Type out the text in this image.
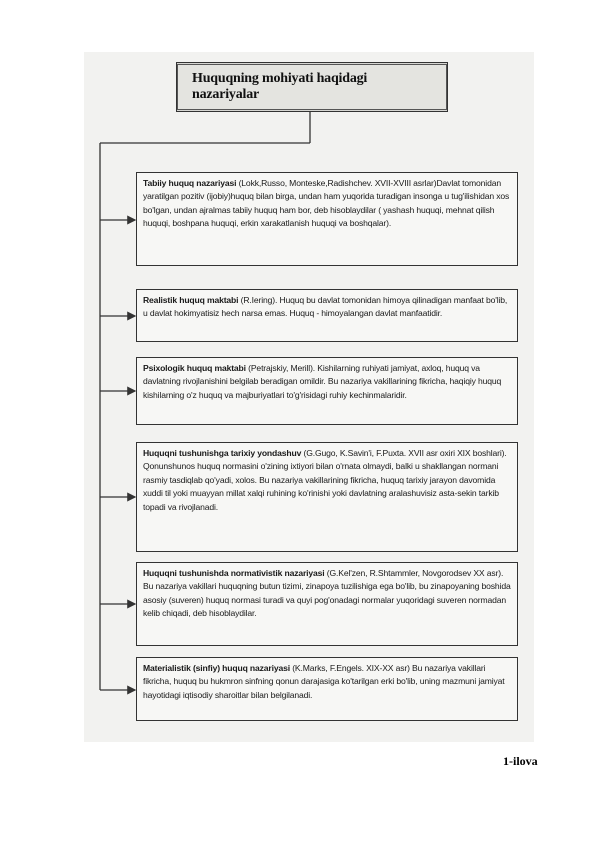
Huquqning mohiyati haqidagi nazariyalar
Tabiiy huquq nazariyasi (Lokk,Russo, Monteske,Radishchev. XVII-XVIII asrlar)Davlat tomonidan yaratilgan pozitiv (ijobiy)huquq bilan birga, undan ham yuqorida turadigan insonga u tug'ilishidan xos bo'lgan, undan ajralmas tabiiy huquq ham bor, deb hisoblaydilar ( yashash huquqi, mehnat qilish huquqi, boshpana huquqi, erkin xarakatlanish huquqi va boshqalar).
Realistik huquq maktabi (R.Iering). Huquq bu davlat tomonidan himoya qilinadigan manfaat bo'lib, u davlat hokimyatisiz hech narsa emas. Huquq - himoyalangan davlat manfaatidir.
Psixologik huquq maktabi (Petrajskiy, Merill). Kishilarning ruhiyati jamiyat, axloq, huquq va davlatning rivojlanishini belgilab beradigan omildir. Bu nazariya vakillarining fikricha, haqiqiy huquq kishilarning o'z huquq va majburiyatlari to'g'risidagi ruhiy kechinmalaridir.
Huquqni tushunishga tarixiy yondashuv (G.Gugo, K.Savin'i, F.Puxta. XVII asr oxiri XIX boshlari). Qonunshunos huquq normasini o'zining ixtiyori bilan o'rnata olmaydi, balki u shakllangan normani rasmiy tasdiqlab qo'yadi, xolos. Bu nazariya vakillarining fikricha, huquq tarixiy jarayon davomida xuddi til yoki muayyan millat xalqi ruhining ko'rinishi yoki davlatning aralashuvisiz asta-sekin tarkib topadi va rivojlanadi.
Huquqni tushunishda normativistik nazariyasi (G.Kel'zen, R.Shtammler, Novgorodsev XX asr). Bu nazariya vakillari huquqning butun tizimi, zinapoya tuzilishiga ega bo'lib, bu zinapoyaning boshida asosiy (suveren) huquq normasi turadi va quyi pog'onadagi normalar yuqoridagi suveren normadan kelib chiqadi, deb hisoblaydilar.
Materialistik (sinfiy) huquq nazariyasi (K.Marks, F.Engels. XIX-XX asr) Bu nazariya vakillari fikricha, huquq bu hukmron sinfning qonun darajasiga ko'tarilgan erki bo'lib, uning mazmuni jamiyat hayotidagi iqtisodiy sharoitlar bilan belgilanadi.
1-ilova
